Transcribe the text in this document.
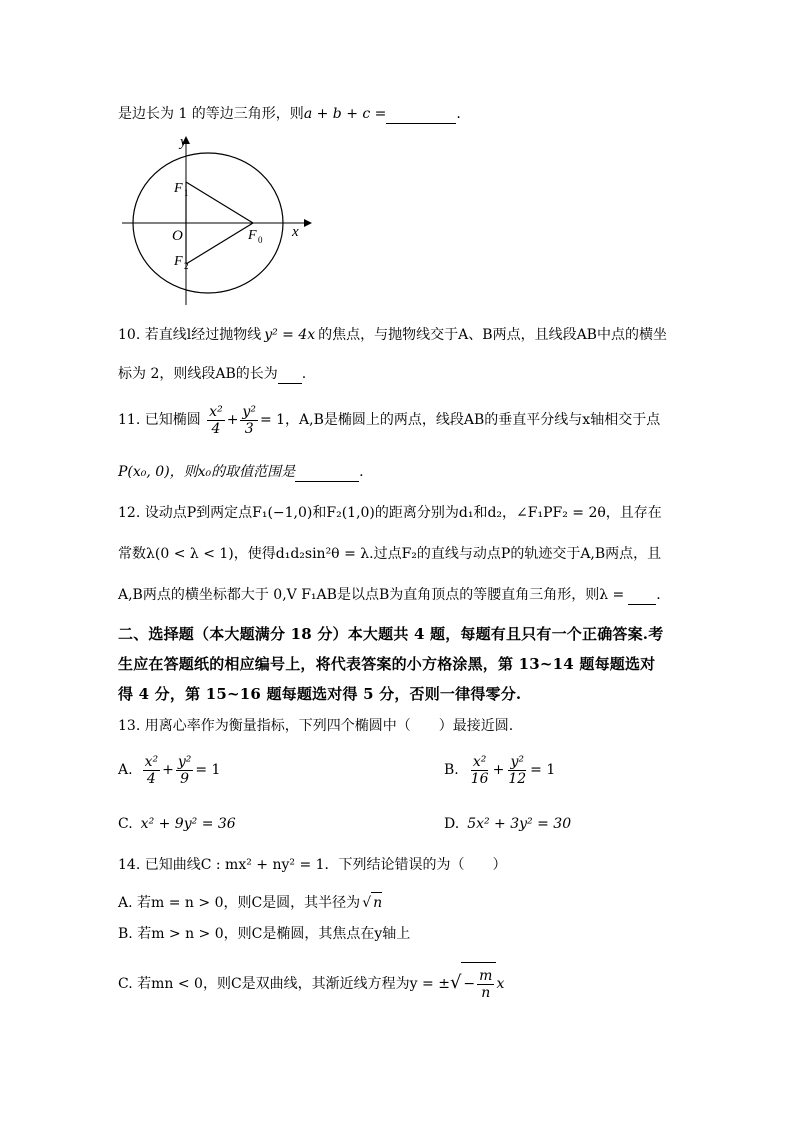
是边长为 1 的等边三角形，则a + b + c =	.
y
x
O
F 1
F 2
F 0
10. 若直线l经过抛物线 y² = 4x 的焦点，与抛物线交于A、B两点，且线段AB中点的横坐
标为 2，则线段AB的长为 .
11. 已知椭圆 $\frac{\text{x²}}{4} + \frac{\text{y²}}{3} = 1$，A,B是椭圆上的两点，线段AB的垂直平分线与x轴相交于点
P(x₀, 0)，则x₀的取值范围是	.
12. 设动点P到两定点F₁(−1,0)和F₂(1,0)的距离分别为d₁和d₂，∠F₁PF₂ = 2θ，且存在
常数λ(0 < λ < 1)，使得d₁d₂sin²θ = λ.过点F₂的直线与动点P的轨迹交于A,B两点，且
A,B两点的横坐标都大于 0,V F₁AB是以点B为直角顶点的等腰直角三角形，则λ = .
二、选择题（本大题满分 18 分）本大题共 4 题，每题有且只有一个正确答案.考
生应在答题纸的相应编号上，将代表答案的小方格涂黑，第 13~14 题每题选对
得 4 分，第 15~16 题每题选对得 5 分，否则一律得零分.
13. 用离心率作为衡量指标，下列四个椭圆中（　　）最接近圆.
A. $\frac{\text{x²}}{4} + \frac{\text{y²}}{9} = 1$	B. $\frac{\text{x²}}{16} + \frac{\text{y²}}{12} = 1$
C. x² + 9y² = 36	D. 5x² + 3y² = 30
14. 已知曲线C : mx² + ny² = 1．下列结论错误的为（　　）
A. 若m = n > 0，则C是圆，其半径为 √ n
B. 若m > n > 0，则C是椭圆，其焦点在y轴上
C. 若mn < 0，则C是双曲线，其渐近线方程为y = ±√ − $\frac{m}{n}$ x
